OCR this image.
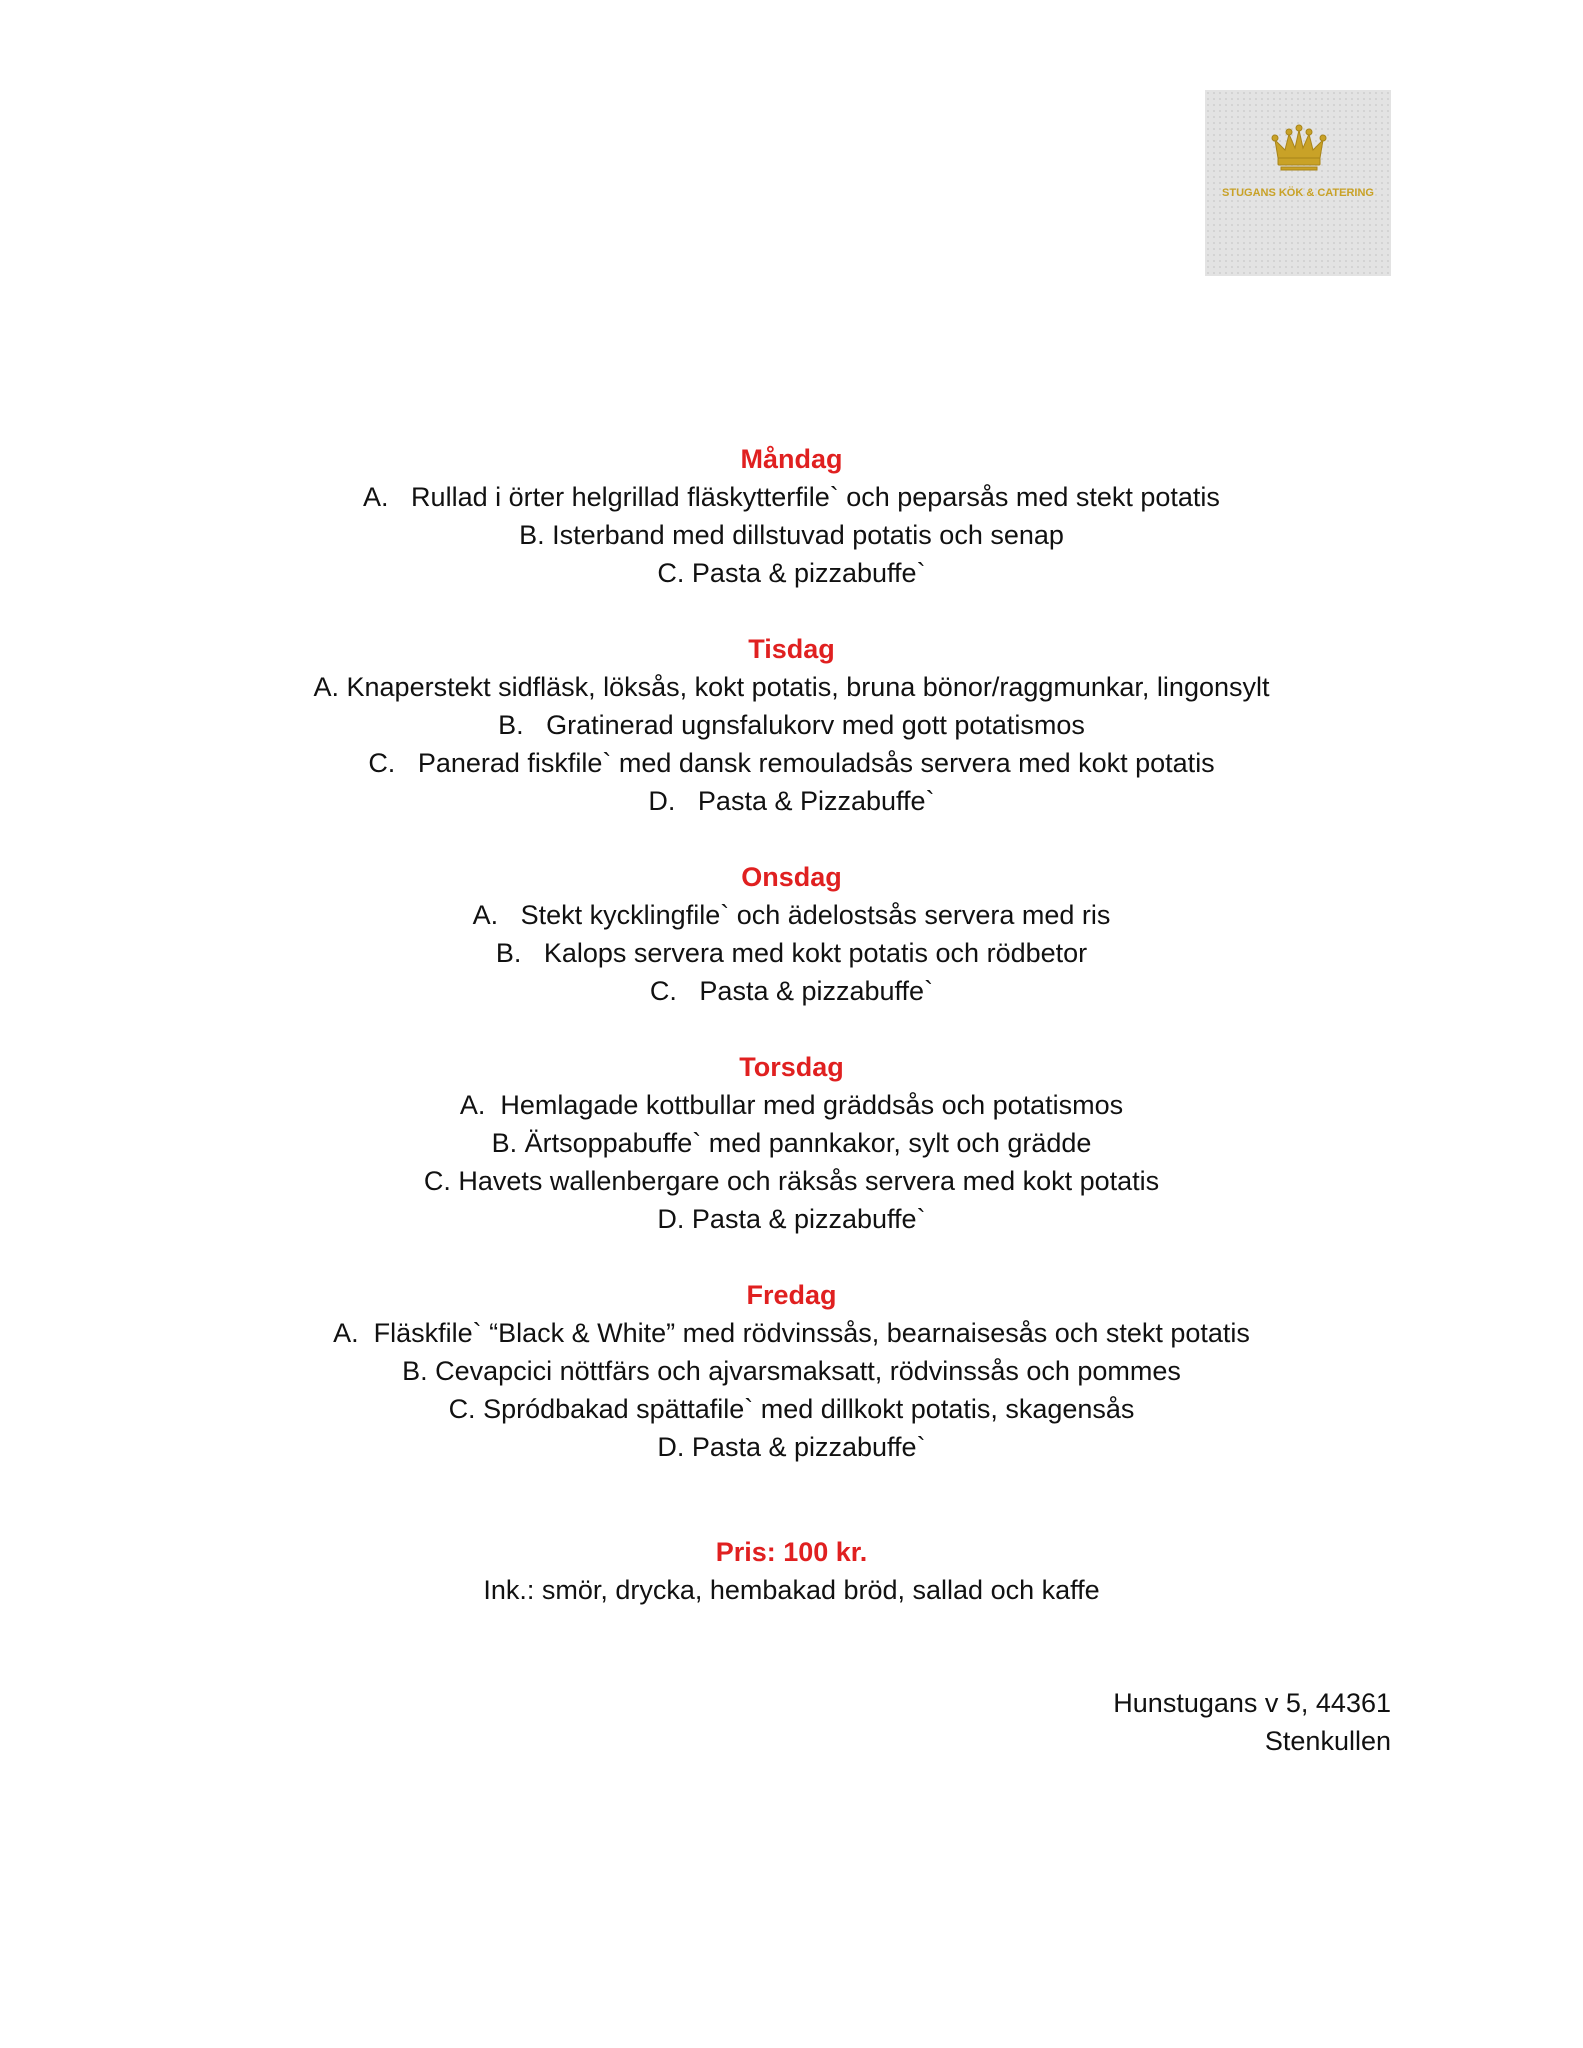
STUGANS KÖK & CATERING
Måndag
A.   Rullad i örter helgrillad fläskytterfile` och peparsås med stekt potatis
B. Isterband med dillstuvad potatis och senap
C. Pasta & pizzabuffe`
Tisdag
A. Knaperstekt sidfläsk, löksås, kokt potatis, bruna bönor/raggmunkar, lingonsylt
B.   Gratinerad ugnsfalukorv med gott potatismos
C.   Panerad fiskfile` med dansk remouladsås servera med kokt potatis
D.   Pasta & Pizzabuffe`
Onsdag
A.   Stekt kycklingfile` och ädelostsås servera med ris
B.   Kalops servera med kokt potatis och rödbetor
C.   Pasta & pizzabuffe`
Torsdag
A.  Hemlagade kottbullar med gräddsås och potatismos
B. Ärtsoppabuffe` med pannkakor, sylt och grädde
C. Havets wallenbergare och räksås servera med kokt potatis
D. Pasta & pizzabuffe`
Fredag
A.  Fläskfile` “Black & White” med rödvinssås, bearnaisesås och stekt potatis
B. Cevapcici nöttfärs och ajvarsmaksatt, rödvinssås och pommes
C. Spródbakad spättafile` med dillkokt potatis, skagensås
D. Pasta & pizzabuffe`
Pris: 100 kr.
Ink.: smör, drycka, hembakad bröd, sallad och kaffe
Hunstugans v 5, 44361
Stenkullen
